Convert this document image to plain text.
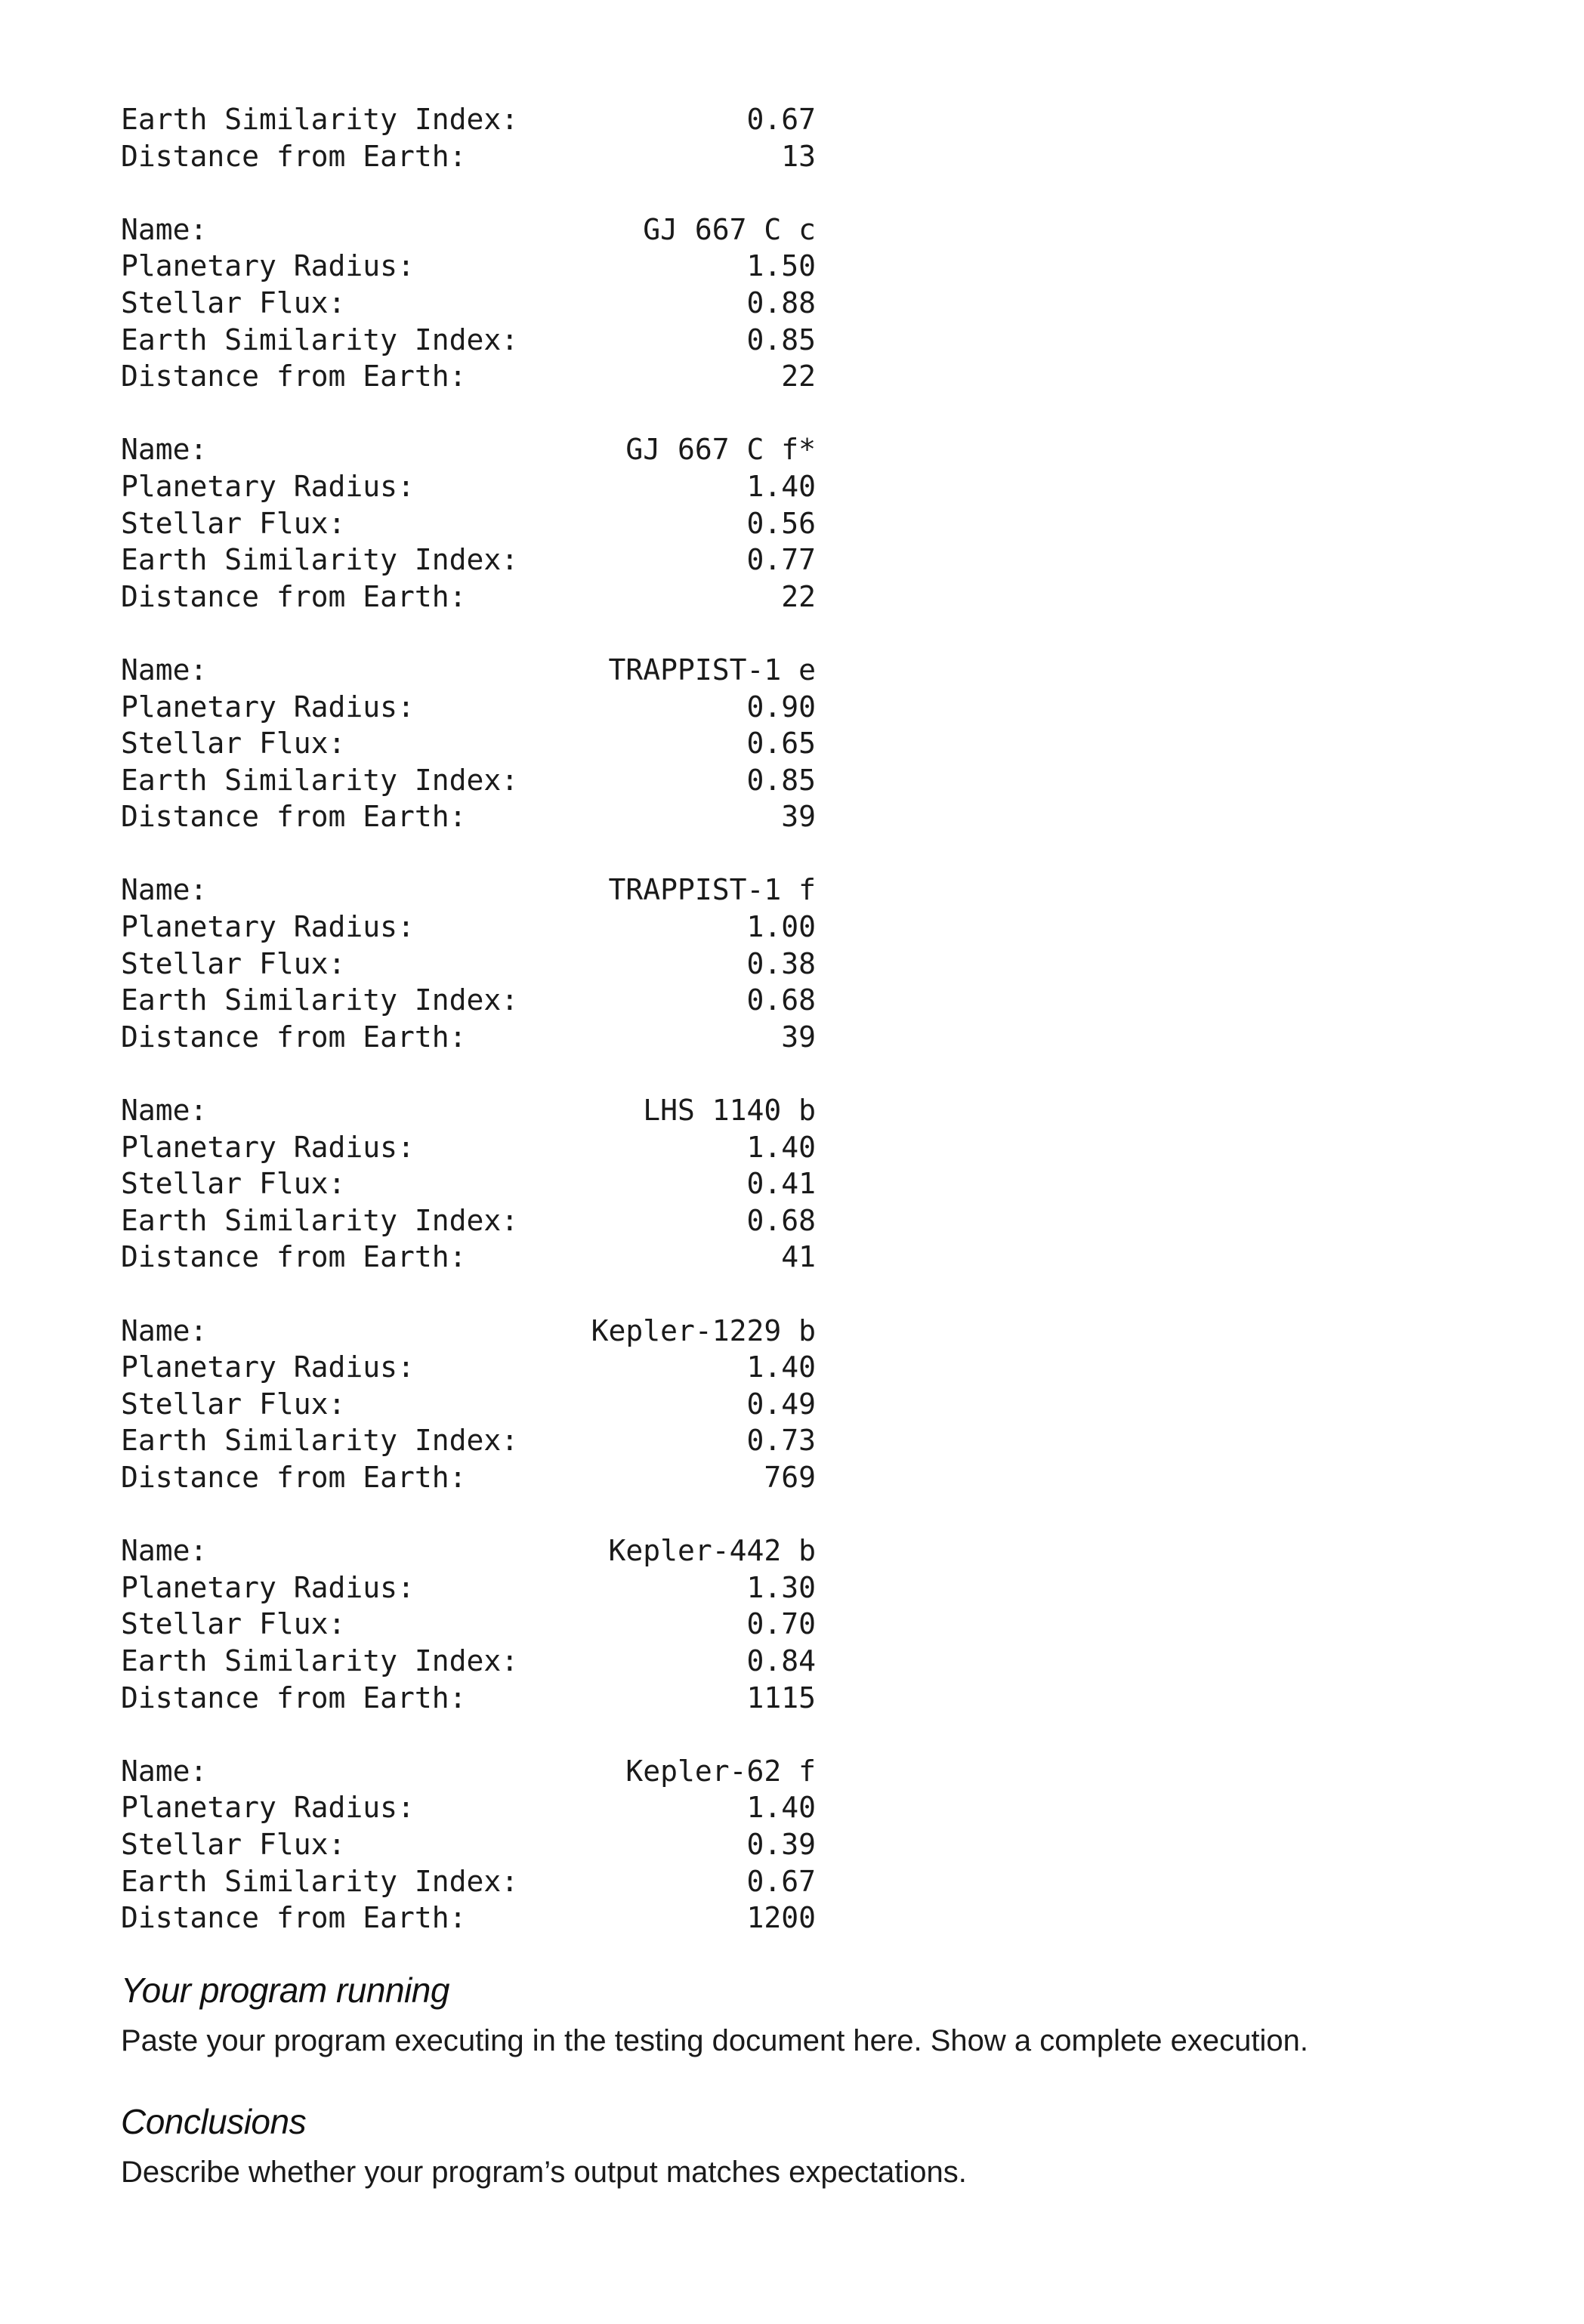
Earth Similarity Index:	0.67
Distance from Earth:	13
Name:	GJ 667 C c
Planetary Radius:	1.50
Stellar Flux:	0.88
Earth Similarity Index:	0.85
Distance from Earth:	22
Name:	GJ 667 C f*
Planetary Radius:	1.40
Stellar Flux:	0.56
Earth Similarity Index:	0.77
Distance from Earth:	22
Name:	TRAPPIST-1 e
Planetary Radius:	0.90
Stellar Flux:	0.65
Earth Similarity Index:	0.85
Distance from Earth:	39
Name:	TRAPPIST-1 f
Planetary Radius:	1.00
Stellar Flux:	0.38
Earth Similarity Index:	0.68
Distance from Earth:	39
Name:	LHS 1140 b
Planetary Radius:	1.40
Stellar Flux:	0.41
Earth Similarity Index:	0.68
Distance from Earth:	41
Name:	Kepler-1229 b
Planetary Radius:	1.40
Stellar Flux:	0.49
Earth Similarity Index:	0.73
Distance from Earth:	769
Name:	Kepler-442 b
Planetary Radius:	1.30
Stellar Flux:	0.70
Earth Similarity Index:	0.84
Distance from Earth:	1115
Name:	Kepler-62 f
Planetary Radius:	1.40
Stellar Flux:	0.39
Earth Similarity Index:	0.67
Distance from Earth:	1200
Your program running
Paste your program executing in the testing document here. Show a complete execution.
Conclusions
Describe whether your program’s output matches expectations.
